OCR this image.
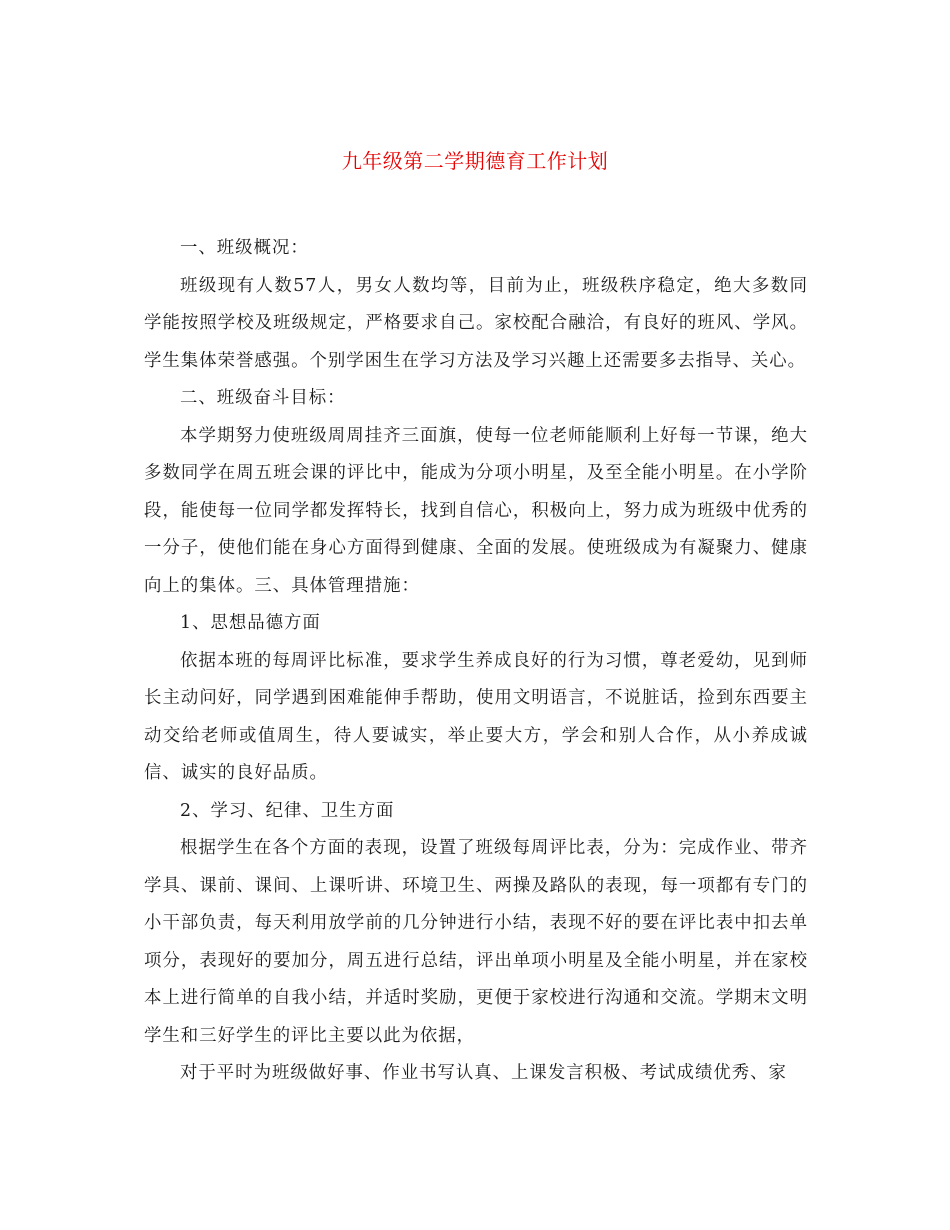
九年级第二学期德育工作计划

一、班级概况：

班级现有人数57人，男女人数均等，目前为止，班级秩序稳定，绝大多数同学能按照学校及班级规定，严格要求自己。家校配合融洽，有良好的班风、学风。学生集体荣誉感强。个别学困生在学习方法及学习兴趣上还需要多去指导、关心。

二、班级奋斗目标：

本学期努力使班级周周挂齐三面旗，使每一位老师能顺利上好每一节课，绝大多数同学在周五班会课的评比中，能成为分项小明星，及至全能小明星。在小学阶段，能使每一位同学都发挥特长，找到自信心，积极向上，努力成为班级中优秀的一分子，使他们能在身心方面得到健康、全面的发展。使班级成为有凝聚力、健康向上的集体。三、具体管理措施：

1、思想品德方面

依据本班的每周评比标准，要求学生养成良好的行为习惯，尊老爱幼，见到师长主动问好，同学遇到困难能伸手帮助，使用文明语言，不说脏话，捡到东西要主动交给老师或值周生，待人要诚实，举止要大方，学会和别人合作，从小养成诚信、诚实的良好品质。

2、学习、纪律、卫生方面

根据学生在各个方面的表现，设置了班级每周评比表，分为：完成作业、带齐学具、课前、课间、上课听讲、环境卫生、两操及路队的表现，每一项都有专门的小干部负责，每天利用放学前的几分钟进行小结，表现不好的要在评比表中扣去单项分，表现好的要加分，周五进行总结，评出单项小明星及全能小明星，并在家校本上进行简单的自我小结，并适时奖励，更便于家校进行沟通和交流。学期末文明学生和三好学生的评比主要以此为依据，

对于平时为班级做好事、作业书写认真、上课发言积极、考试成绩优秀、家
